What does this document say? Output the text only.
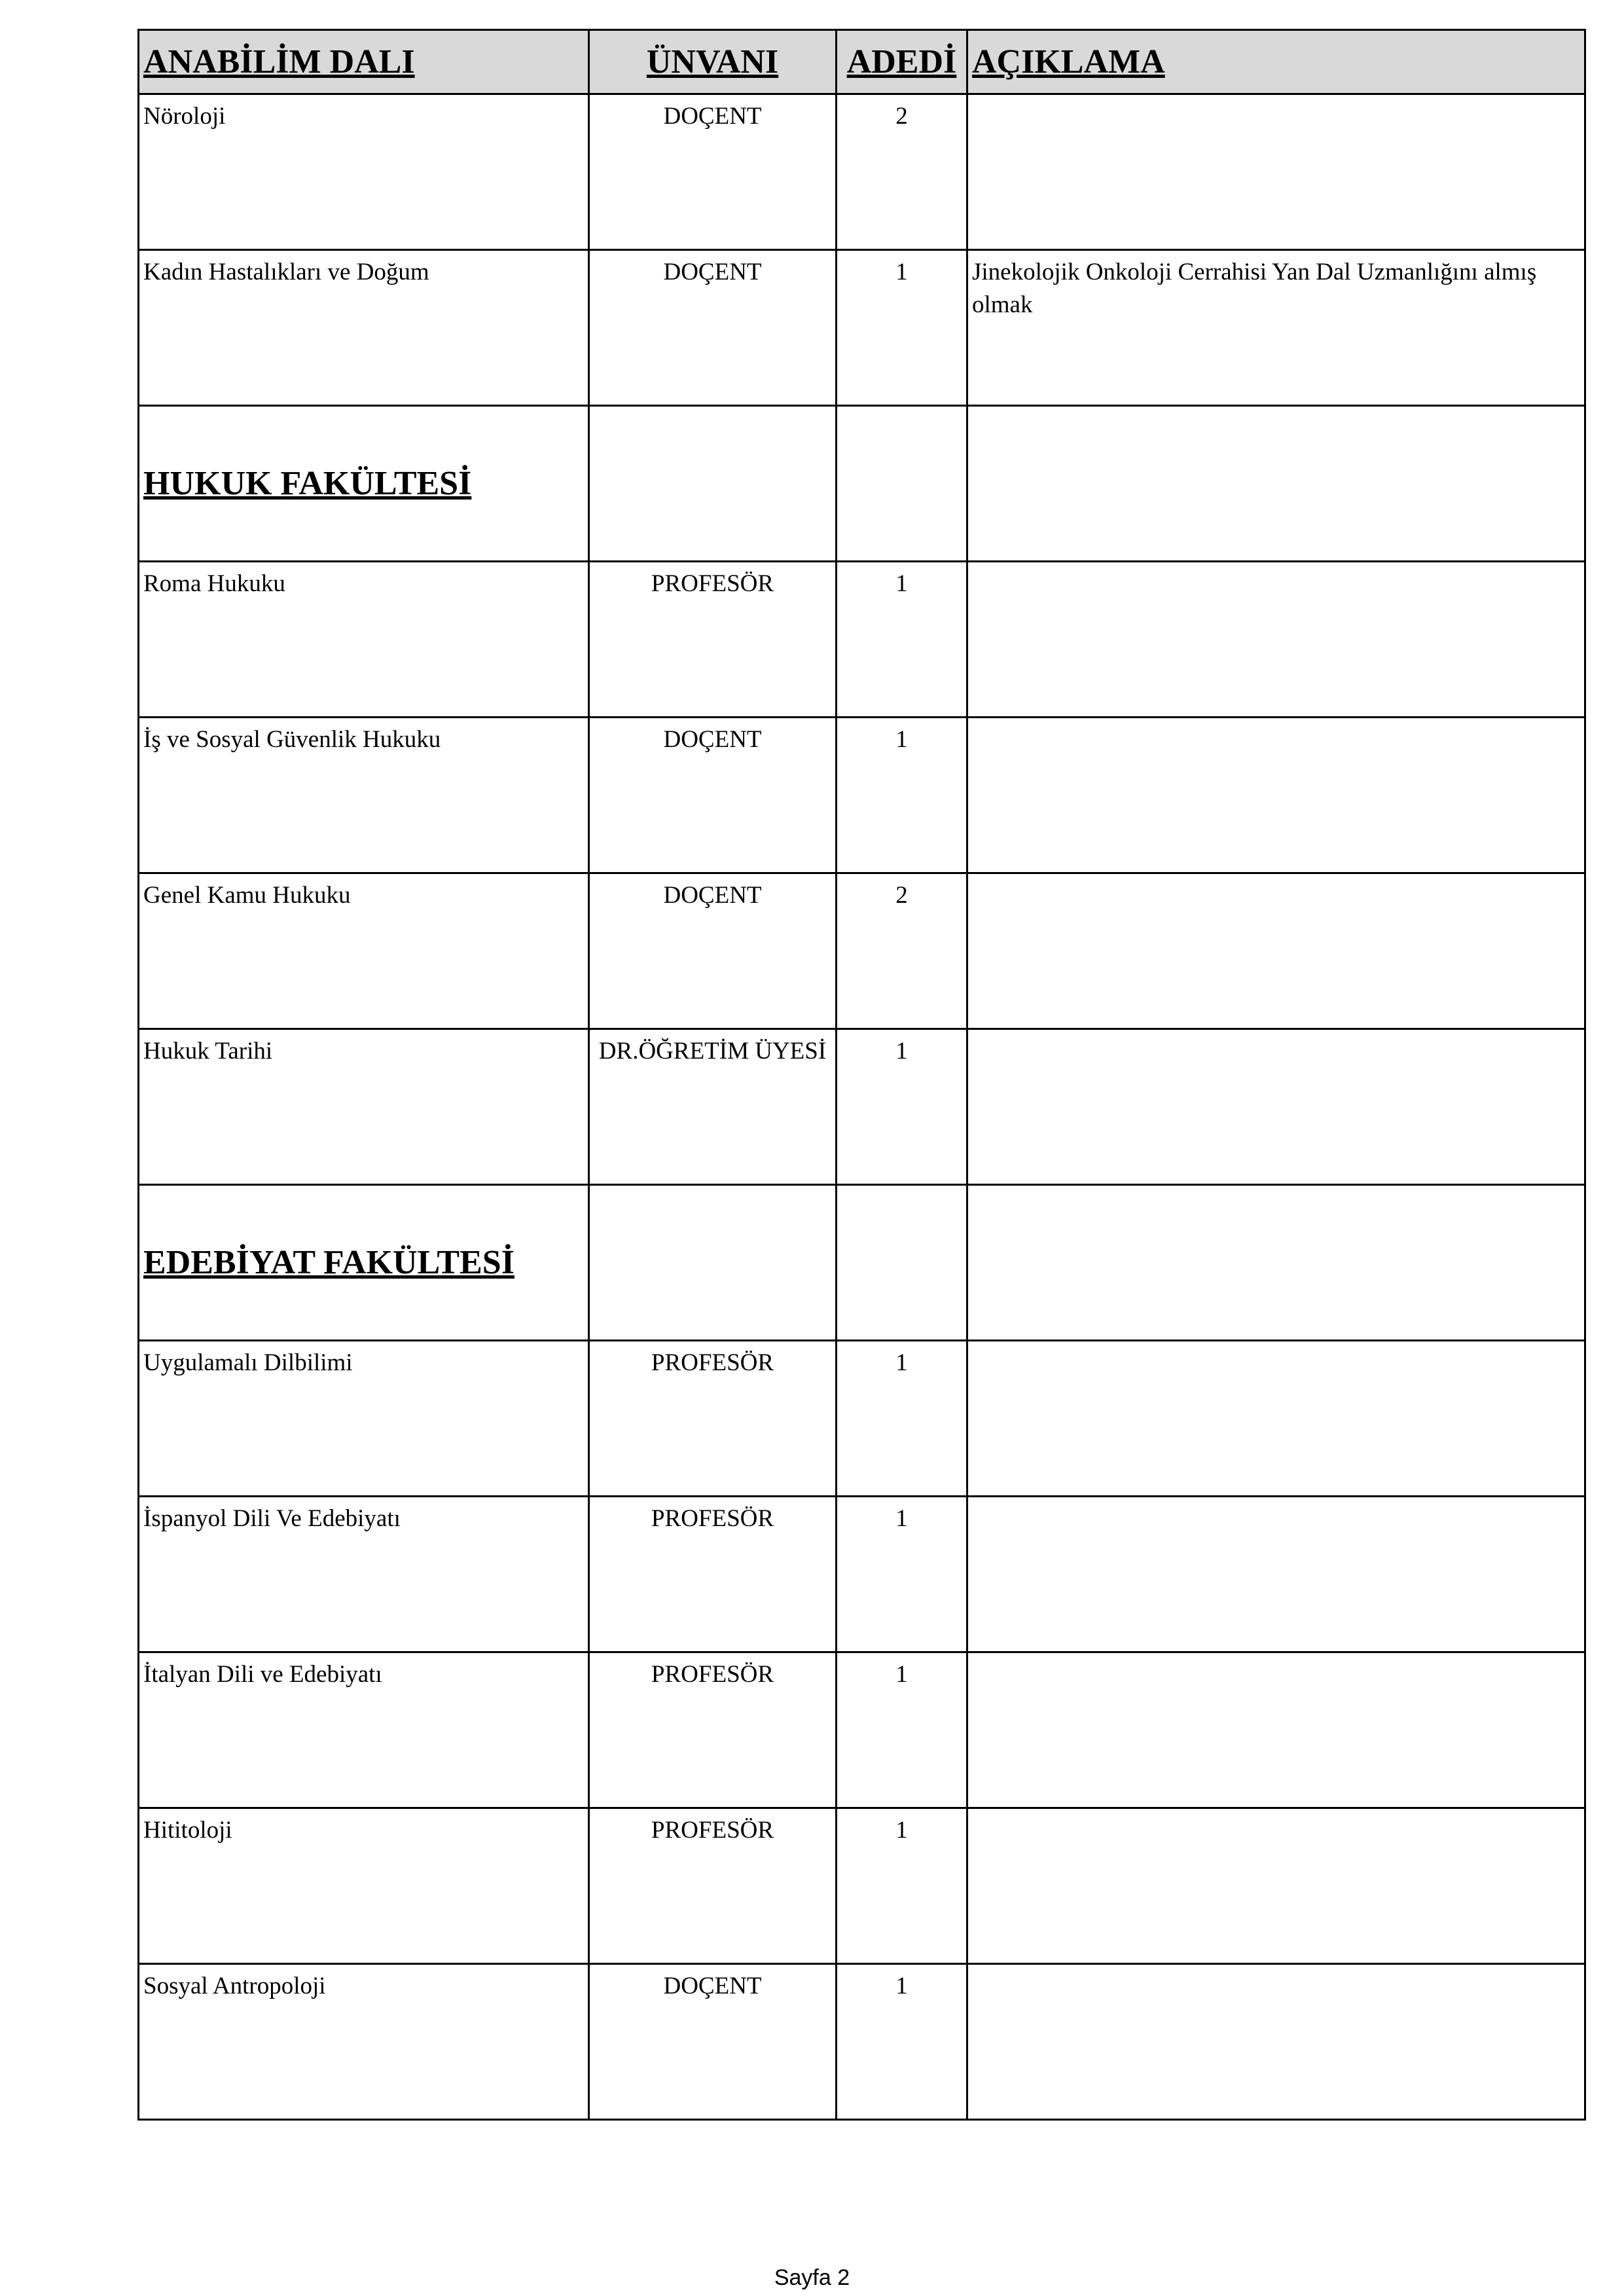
ANABİLİM DALI	ÜNVANI	ADEDİ	AÇIKLAMA
Nöroloji	DOÇENT	2	
Kadın Hastalıkları ve Doğum	DOÇENT	1	Jinekolojik Onkoloji Cerrahisi Yan Dal Uzmanlığını almış olmak
HUKUK FAKÜLTESİ			
Roma Hukuku	PROFESÖR	1	
İş ve Sosyal Güvenlik Hukuku	DOÇENT	1	
Genel Kamu Hukuku	DOÇENT	2	
Hukuk Tarihi	DR.ÖĞRETİM ÜYESİ	1	
EDEBİYAT FAKÜLTESİ			
Uygulamalı Dilbilimi	PROFESÖR	1	
İspanyol Dili Ve Edebiyatı	PROFESÖR	1	
İtalyan Dili ve Edebiyatı	PROFESÖR	1	
Hititoloji	PROFESÖR	1	
Sosyal Antropoloji	DOÇENT	1	
Sayfa 2
